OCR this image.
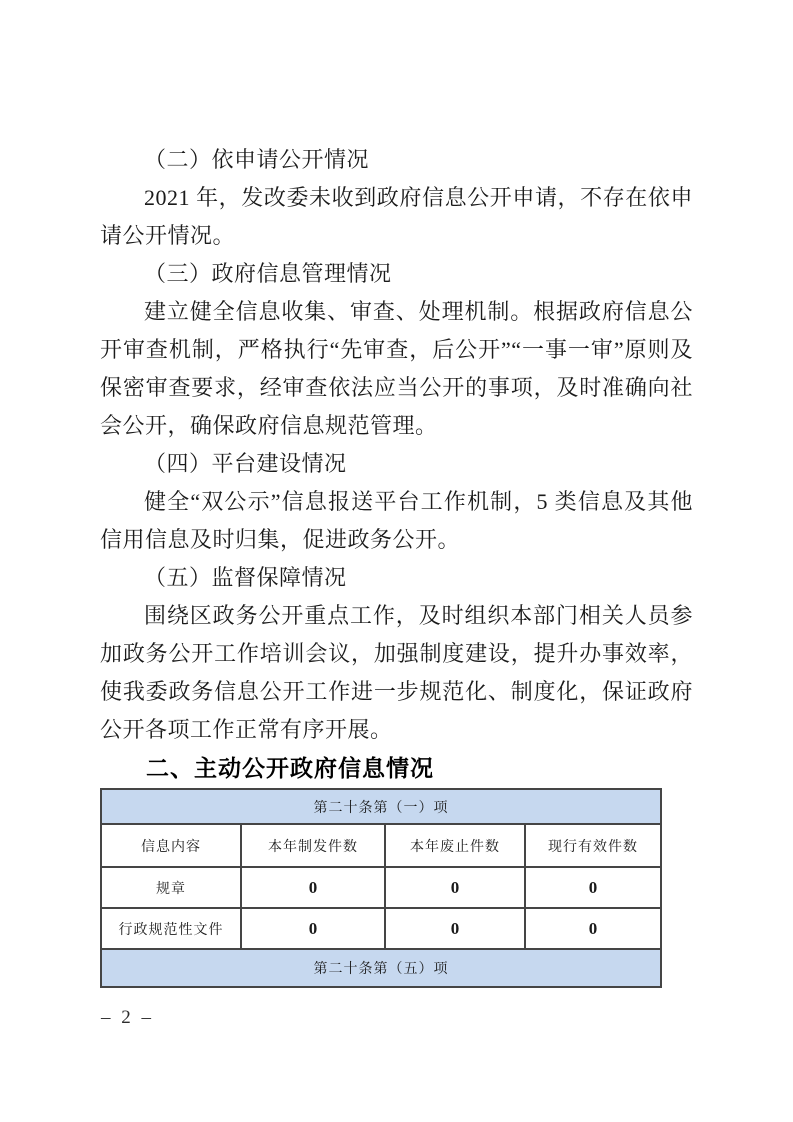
（二）依申请公开情况

2021 年，发改委未收到政府信息公开申请，不存在依申请公开情况。

（三）政府信息管理情况

建立健全信息收集、审查、处理机制。根据政府信息公开审查机制，严格执行“先审查，后公开”“一事一审”原则及保密审查要求，经审查依法应当公开的事项，及时准确向社会公开，确保政府信息规范管理。

（四）平台建设情况

健全“双公示”信息报送平台工作机制，5 类信息及其他信用信息及时归集，促进政务公开。

（五）监督保障情况

围绕区政务公开重点工作，及时组织本部门相关人员参加政务公开工作培训会议，加强制度建设，提升办事效率，使我委政务信息公开工作进一步规范化、制度化，保证政府公开各项工作正常有序开展。

二、主动公开政府信息情况
第二十条第（一）项			
信息内容	本年制发件数	本年废止件数	现行有效件数
规章	0	0	0
行政规范性文件	0	0	0
第二十条第（五）项			
– 2 –
